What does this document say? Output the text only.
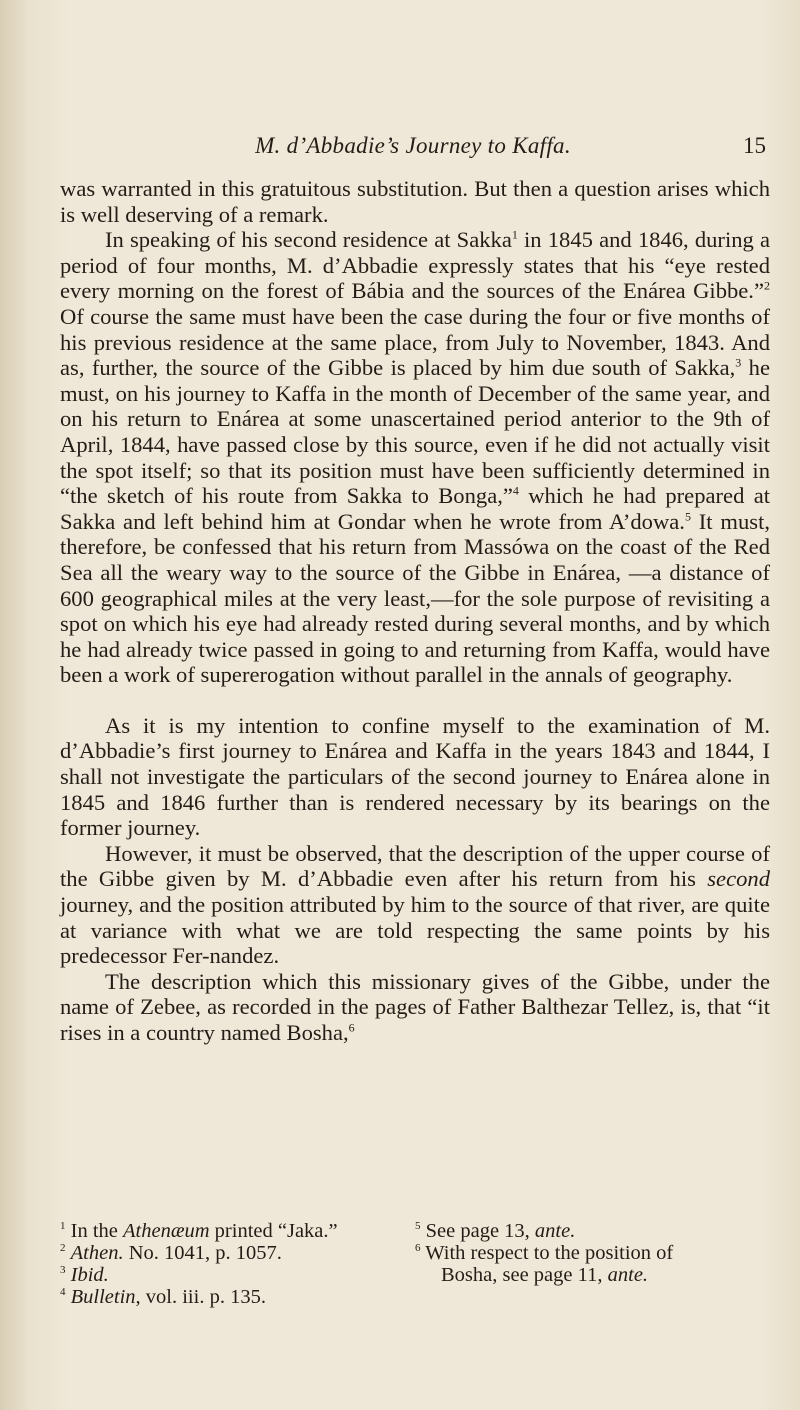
M. d’Abbadie’s Journey to Kaffa.	15

was warranted in this gratuitous substitution. But then a question arises which is well deserving of a remark.

In speaking of his second residence at Sakka$^1$ in 1845 and 1846, during a period of four months, M. d’Abbadie expressly states that his “eye rested every morning on the forest of Bábia and the sources of the Enárea Gibbe.”$^2$ Of course the same must have been the case during the four or five months of his previous residence at the same place, from July to November, 1843. And as, further, the source of the Gibbe is placed by him due south of Sakka,$^3$ he must, on his journey to Kaffa in the month of December of the same year, and on his return to Enárea at some unascertained period anterior to the 9th of April, 1844, have passed close by this source, even if he did not actually visit the spot itself; so that its position must have been sufficiently determined in “the sketch of his route from Sakka to Bonga,”$^4$ which he had prepared at Sakka and left behind him at Gondar when he wrote from A’dowa.$^5$ It must, therefore, be confessed that his return from Massówa on the coast of the Red Sea all the weary way to the source of the Gibbe in Enárea, —a distance of 600 geographical miles at the very least,—for the sole purpose of revisiting a spot on which his eye had already rested during several months, and by which he had already twice passed in going to and returning from Kaffa, would have been a work of supererogation without parallel in the annals of geography.

As it is my intention to confine myself to the examination of M. d’Abbadie’s first journey to Enárea and Kaffa in the years 1843 and 1844, I shall not investigate the particulars of the second journey to Enárea alone in 1845 and 1846 further than is rendered necessary by its bearings on the former journey.

However, it must be observed, that the description of the upper course of the Gibbe given by M. d’Abbadie even after his return from his second journey, and the position attributed by him to the source of that river, are quite at variance with what we are told respecting the same points by his predecessor Fer-nandez.

The description which this missionary gives of the Gibbe, under the name of Zebee, as recorded in the pages of Father Balthezar Tellez, is, that “it rises in a country named Bosha,$^6$

$^1$ In the Athenæum printed “Jaka.”	$^5$ See page 13, ante.

$^2$ Athen. No. 1041, p. 1057.	$^6$ With respect to the position of

$^3$ Ibid.	Bosha, see page 11, ante.

$^4$ Bulletin, vol. iii. p. 135.
